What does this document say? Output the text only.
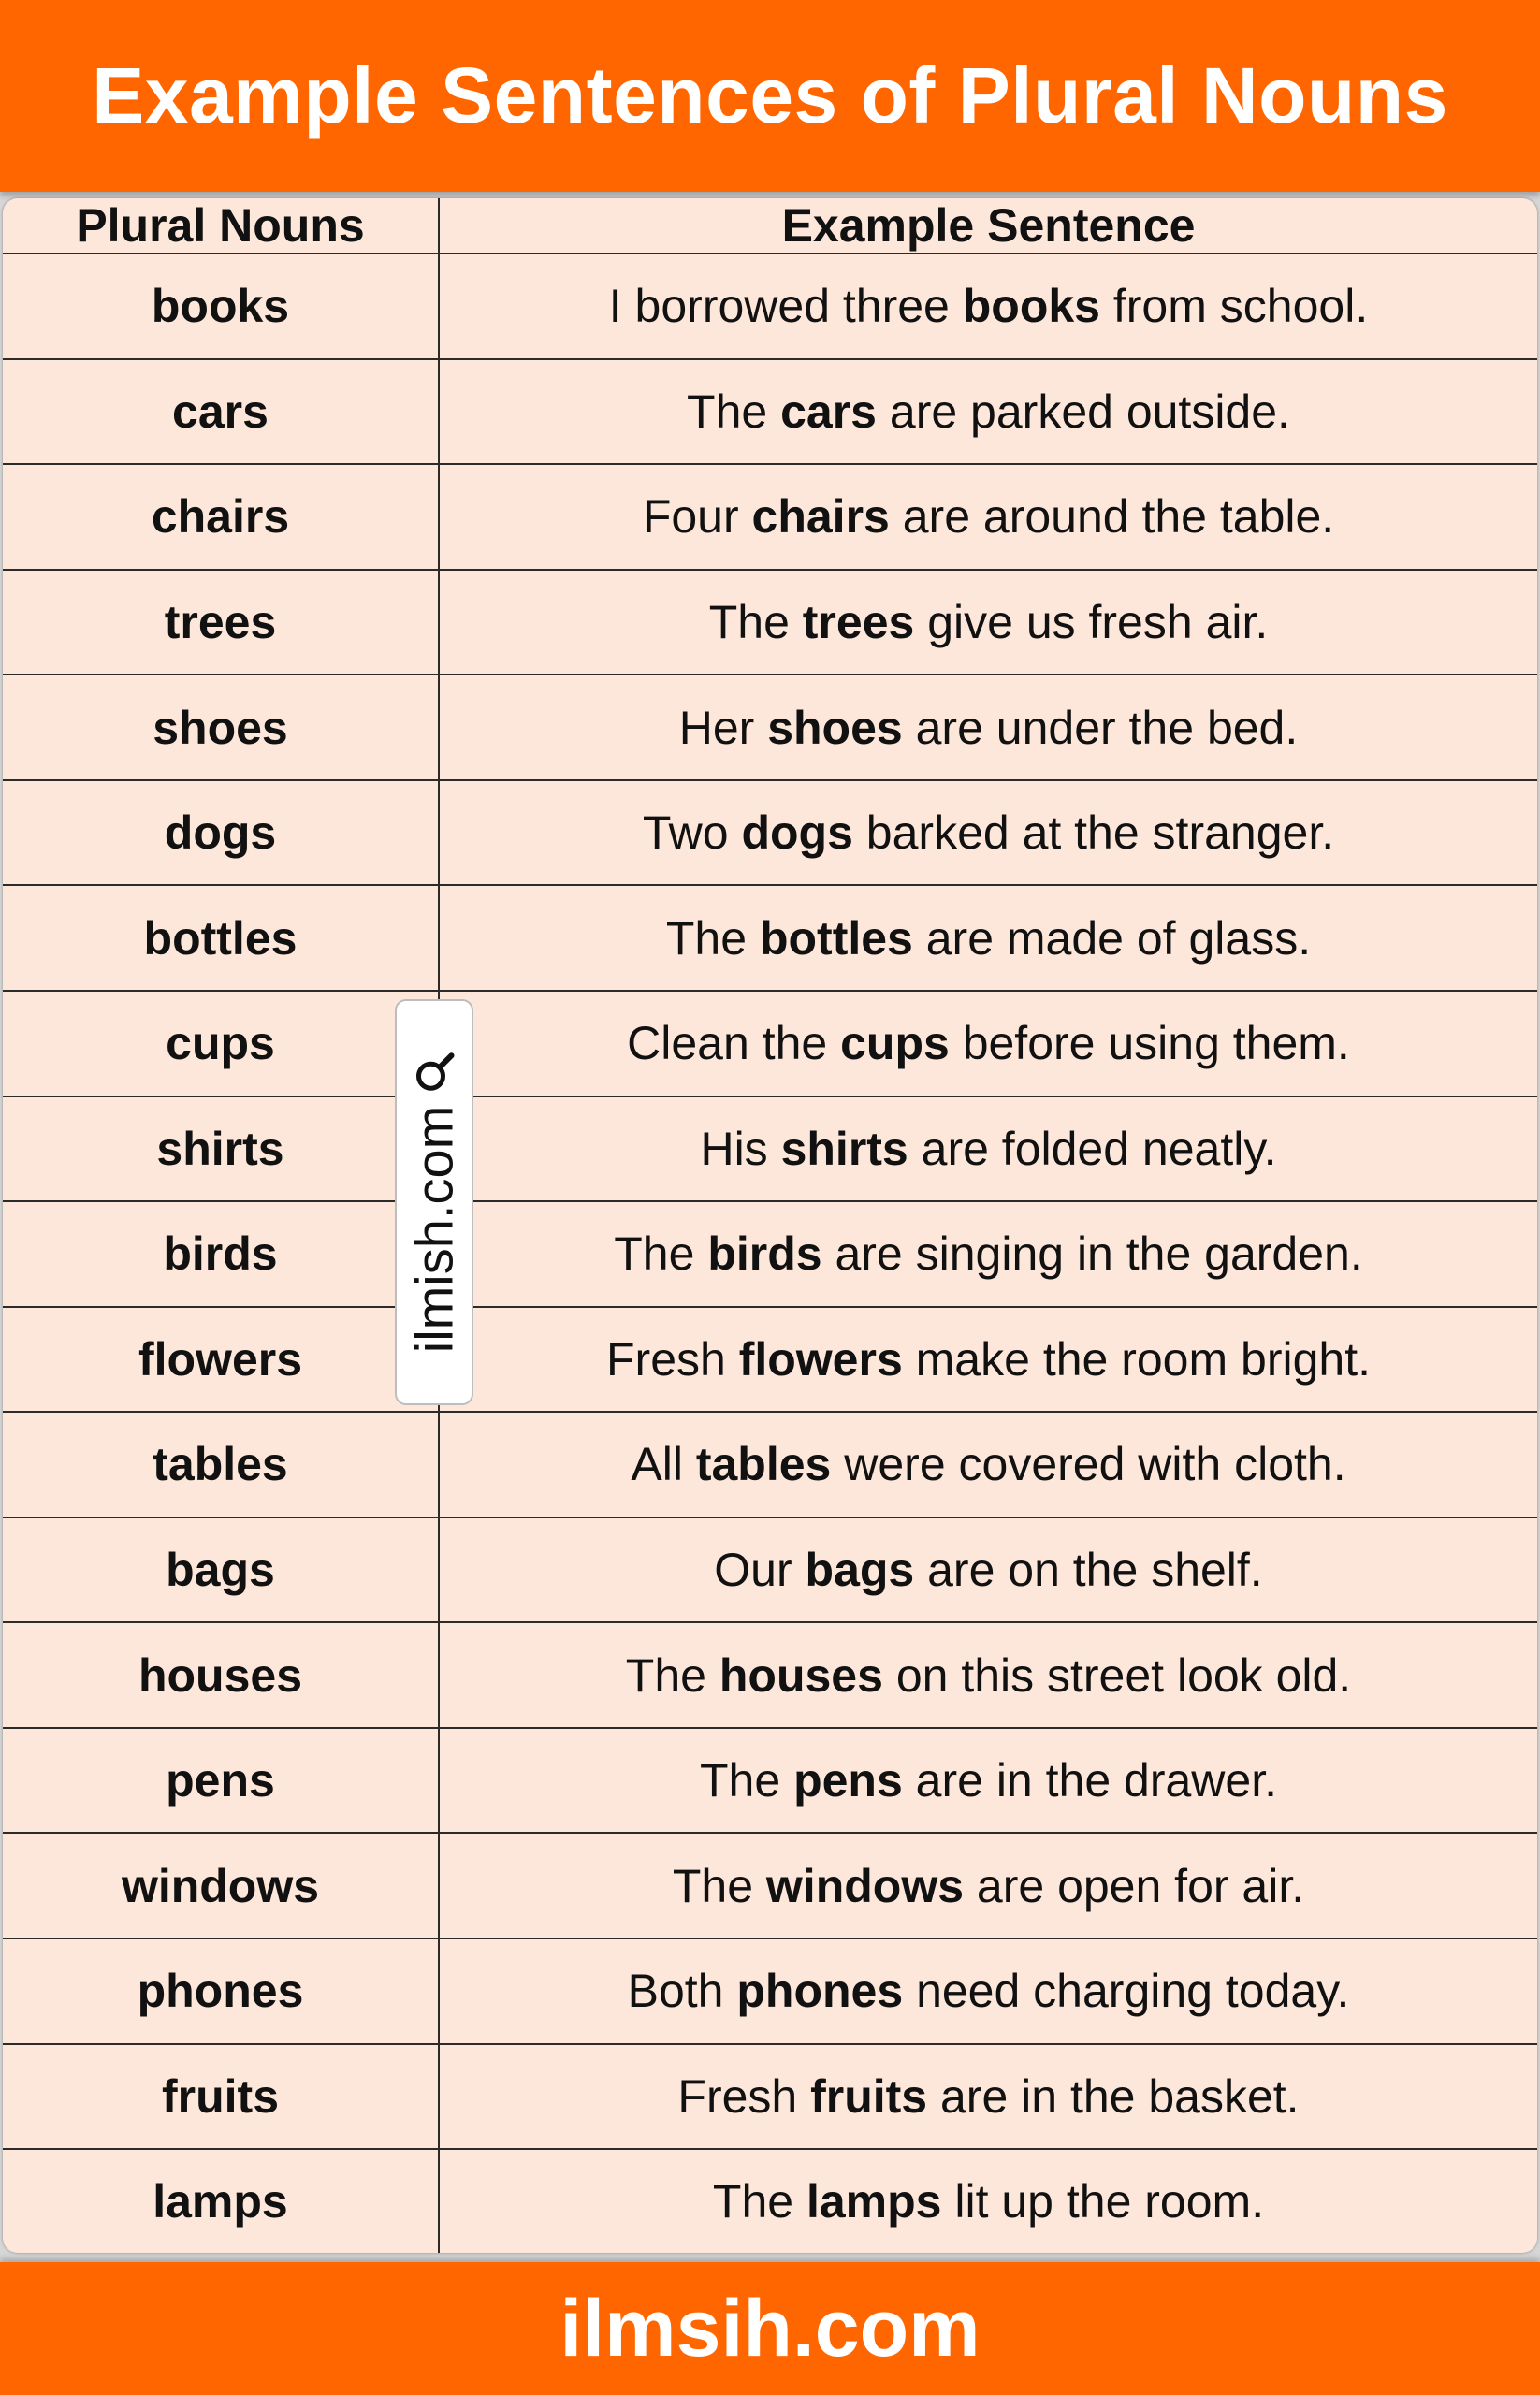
Example Sentences of Plural Nouns
Plural Nouns	Example Sentence
books	I borrowed three books from school.
cars	The cars are parked outside.
chairs	Four chairs are around the table.
trees	The trees give us fresh air.
shoes	Her shoes are under the bed.
dogs	Two dogs barked at the stranger.
bottles	The bottles are made of glass.
cups	Clean the cups before using them.
shirts	His shirts are folded neatly.
birds	The birds are singing in the garden.
flowers	Fresh flowers make the room bright.
tables	All tables were covered with cloth.
bags	Our bags are on the shelf.
houses	The houses on this street look old.
pens	The pens are in the drawer.
windows	The windows are open for air.
phones	Both phones need charging today.
fruits	Fresh fruits are in the basket.
lamps	The lamps lit up the room.
ilmish.com
ilmsih.com
